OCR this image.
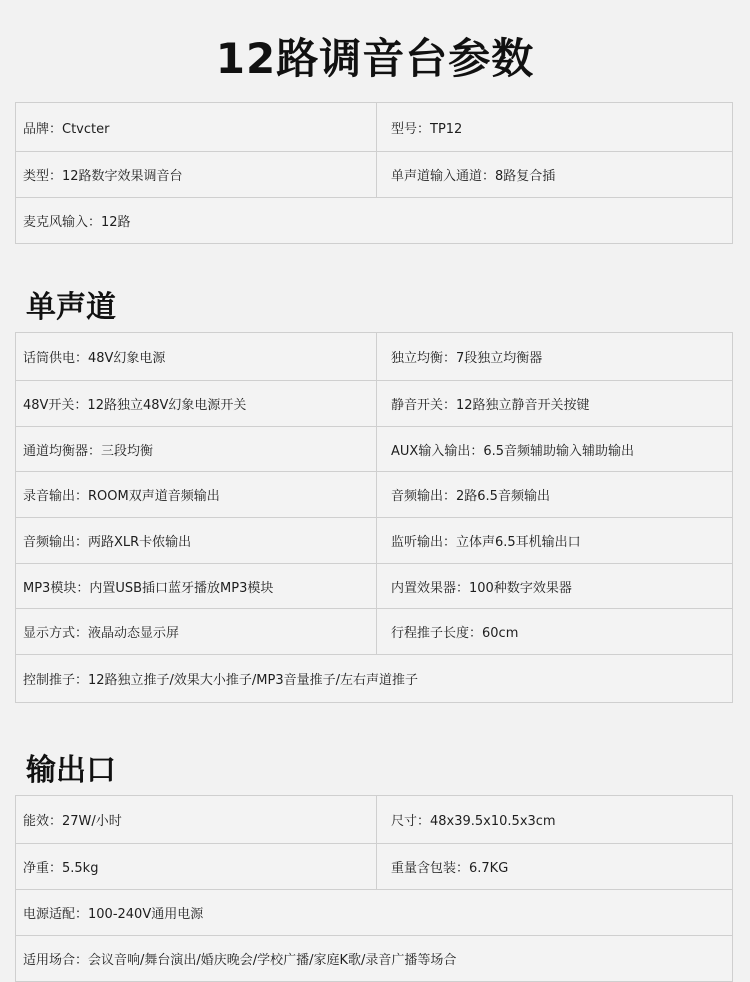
12路调音台参数
品牌：Ctvcter	型号：TP12
类型：12路数字效果调音台	单声道输入通道：8路复合插
麦克风输入：12路	
单声道
话筒供电：48V幻象电源	独立均衡：7段独立均衡器
48V开关：12路独立48V幻象电源开关	静音开关：12路独立静音开关按键
通道均衡器：三段均衡	AUX输入输出：6.5音频辅助输入辅助输出
录音输出：ROOM双声道音频输出	音频输出：2路6.5音频输出
音频输出：两路XLR卡侬输出	监听输出：立体声6.5耳机输出口
MP3模块：内置USB插口蓝牙播放MP3模块	内置效果器：100种数字效果器
显示方式：液晶动态显示屏	行程推子长度：60cm
控制推子：12路独立推子/效果大小推子/MP3音量推子/左右声道推子	
输出口
能效：27W/小时	尺寸：48x39.5x10.5x3cm
净重：5.5kg	重量含包装：6.7KG
电源适配：100-240V通用电源	
适用场合：会议音响/舞台演出/婚庆晚会/学校广播/家庭K歌/录音广播等场合	
